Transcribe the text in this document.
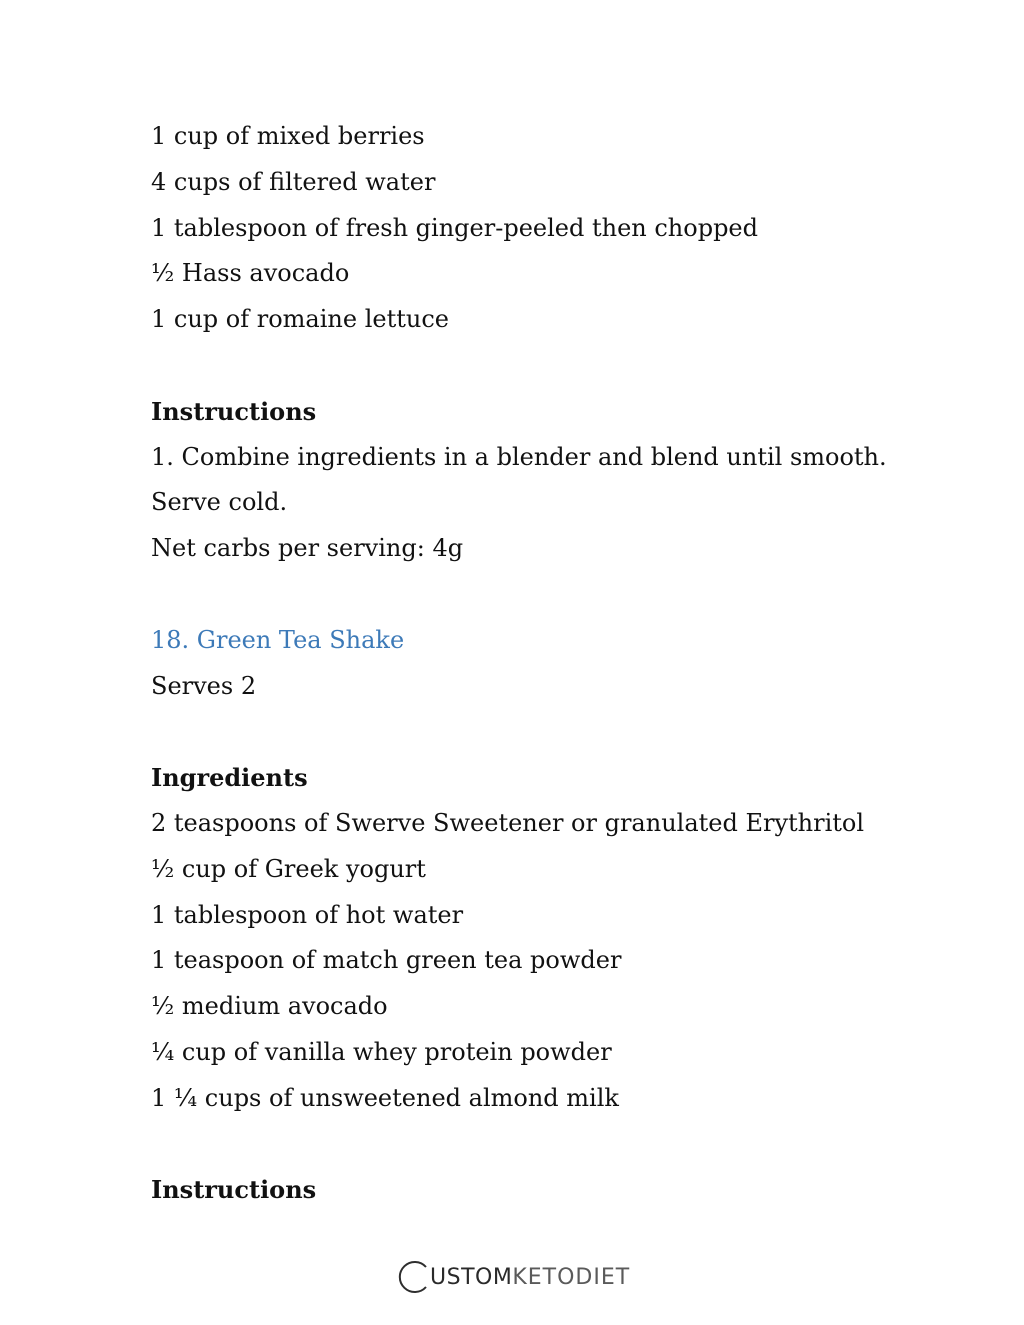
1 cup of mixed berries

4 cups of filtered water

1 tablespoon of fresh ginger-peeled then chopped

½ Hass avocado

1 cup of romaine lettuce

Instructions

1. Combine ingredients in a blender and blend until smooth.

Serve cold.

Net carbs per serving: 4g

18. Green Tea Shake

Serves 2

Ingredients

2 teaspoons of Swerve Sweetener or granulated Erythritol

½ cup of Greek yogurt

1 tablespoon of hot water

1 teaspoon of match green tea powder

½ medium avocado

¼ cup of vanilla whey protein powder

1 ¼ cups of unsweetened almond milk

Instructions

USTOM KETODIET
